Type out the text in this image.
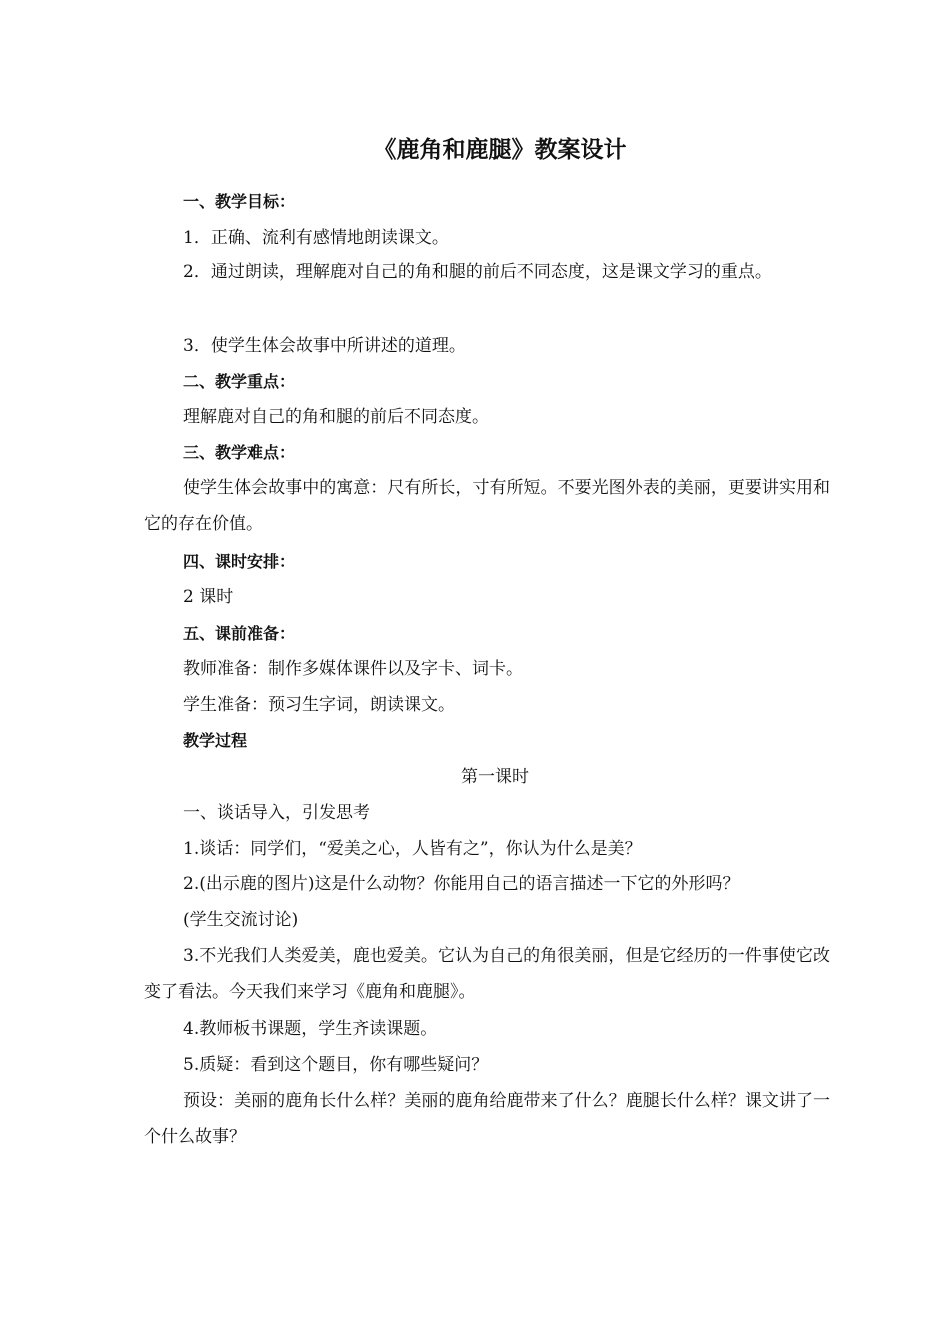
《鹿角和鹿腿》教案设计
一、教学目标：
1．正确、流利有感情地朗读课文。
2．通过朗读，理解鹿对自己的角和腿的前后不同态度，这是课文学习的重点。
3．使学生体会故事中所讲述的道理。
二、教学重点：
理解鹿对自己的角和腿的前后不同态度。
三、教学难点：
使学生体会故事中的寓意：尺有所长，寸有所短。不要光图外表的美丽，更要讲实用和它的存在价值。
四、课时安排：
2 课时
五、课前准备：
教师准备：制作多媒体课件以及字卡、词卡。
学生准备：预习生字词，朗读课文。
教学过程
第一课时
一、谈话导入，引发思考
1.谈话：同学们，“爱美之心，人皆有之”，你认为什么是美？
2.(出示鹿的图片)这是什么动物？你能用自己的语言描述一下它的外形吗？
(学生交流讨论)
3.不光我们人类爱美，鹿也爱美。它认为自己的角很美丽，但是它经历的一件事使它改变了看法。今天我们来学习《鹿角和鹿腿》。
4.教师板书课题，学生齐读课题。
5.质疑：看到这个题目，你有哪些疑问？
预设：美丽的鹿角长什么样？美丽的鹿角给鹿带来了什么？鹿腿长什么样？课文讲了一个什么故事？
